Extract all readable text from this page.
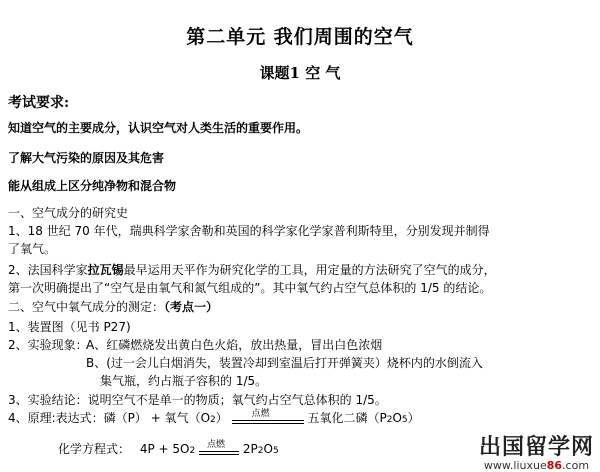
第二单元 我们周围的空气
课题1 空 气
考试要求:
知道空气的主要成分，认识空气对人类生活的重要作用。
了解大气污染的原因及其危害
能从组成上区分纯净物和混合物
一、空气成分的研究史
1、18 世纪 70 年代，瑞典科学家舍勒和英国的科学家化学家普利斯特里，分别发现并制得
了氧气。
2、法国科学家拉瓦锡最早运用天平作为研究化学的工具，用定量的方法研究了空气的成分，
第一次明确提出了“空气是由氧气和氮气组成的”。其中氧气约占空气总体积的 1/5 的结论。
二、空气中氧气成分的测定：（考点一）
1、装置图（见书 P27)
2、实验现象：
A、红磷燃烧发出黄白色火焰，放出热量，冒出白色浓烟
B、(过一会儿白烟消失，装置冷却到室温后打开弹簧夹）烧杯内的水倒流入
集气瓶，约占瓶子容积的 1/5。
3、实验结论：说明空气不是单一的物质；氧气约占空气总体积的 1/5。
4、原理:表达式：磷（P） + 氧气（O2）	点燃	五氧化二磷（P2O5）
化学方程式： 4P + 5O2
点燃 2P2O5	出国留学网
www.liuxue86.com
